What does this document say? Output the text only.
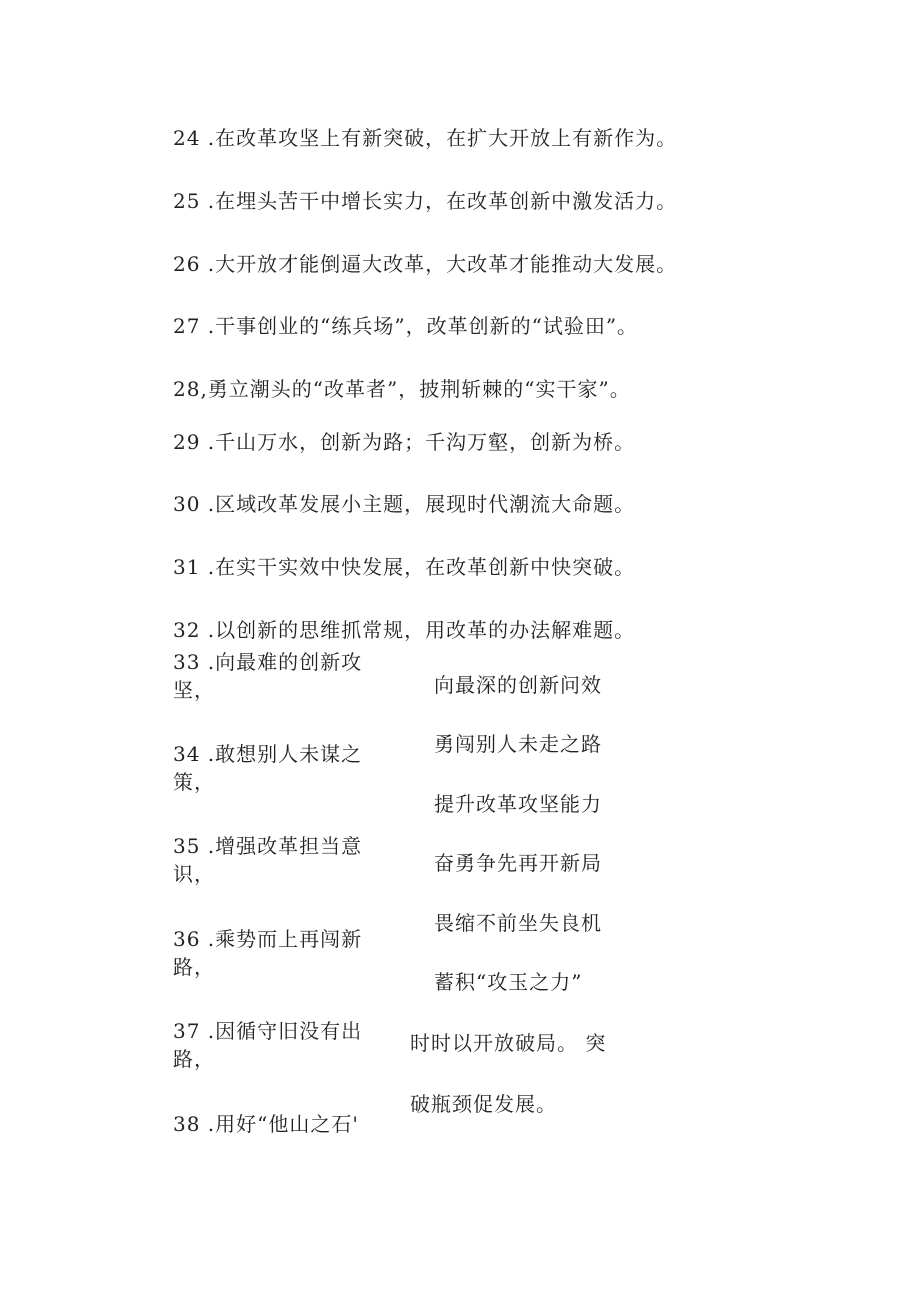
24 .在改革攻坚上有新突破，在扩大开放上有新作为。
25 .在埋头苦干中增长实力，在改革创新中激发活力。
26 .大开放才能倒逼大改革，大改革才能推动大发展。
27 .干事创业的“练兵场”，改革创新的“试验田”。
28,勇立潮头的“改革者”，披荆斩棘的“实干家”。
29 .千山万水，创新为路；千沟万壑，创新为桥。
30 .区域改革发展小主题，展现时代潮流大命题。
31 .在实干实效中快发展，在改革创新中快突破。
32 .以创新的思维抓常规，用改革的办法解难题。
33 .向最难的创新攻坚，
34 .敢想别人未谋之策，
35 .增强改革担当意识，
36 .乘势而上再闯新路，
37 .因循守旧没有出路，
38 .用好“他山之石'
向最深的创新问效
勇闯别人未走之路
提升改革攻坚能力
奋勇争先再开新局
畏缩不前坐失良机
蓄积“攻玉之力”
时时以开放破局。 突
破瓶颈促发展。
